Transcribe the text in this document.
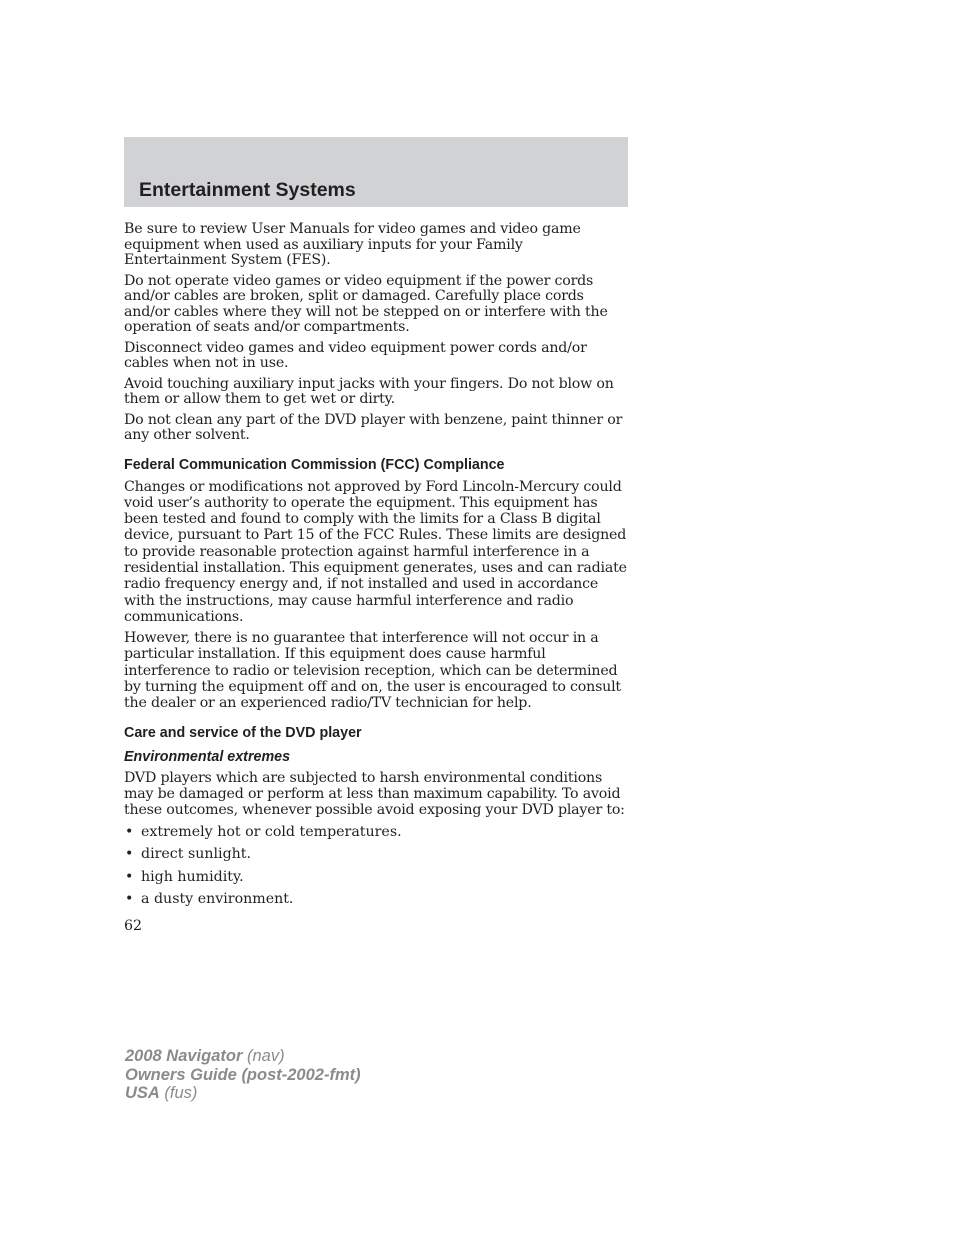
Entertainment Systems

Be sure to review User Manuals for video games and video game equipment when used as auxiliary inputs for your Family Entertainment System (FES).

Do not operate video games or video equipment if the power cords and/or cables are broken, split or damaged. Carefully place cords and/or cables where they will not be stepped on or interfere with the operation of seats and/or compartments.

Disconnect video games and video equipment power cords and/or cables when not in use.

Avoid touching auxiliary input jacks with your fingers. Do not blow on them or allow them to get wet or dirty.

Do not clean any part of the DVD player with benzene, paint thinner or any other solvent.

Federal Communication Commission (FCC) Compliance

Changes or modifications not approved by Ford Lincoln-Mercury could void user’s authority to operate the equipment. This equipment has been tested and found to comply with the limits for a Class B digital device, pursuant to Part 15 of the FCC Rules. These limits are designed to provide reasonable protection against harmful interference in a residential installation. This equipment generates, uses and can radiate radio frequency energy and, if not installed and used in accordance with the instructions, may cause harmful interference and radio communications.

However, there is no guarantee that interference will not occur in a particular installation. If this equipment does cause harmful interference to radio or television reception, which can be determined by turning the equipment off and on, the user is encouraged to consult the dealer or an experienced radio/TV technician for help.

Care and service of the DVD player
Environmental extremes

DVD players which are subjected to harsh environmental conditions may be damaged or perform at less than maximum capability. To avoid these outcomes, whenever possible avoid exposing your DVD player to:

• extremely hot or cold temperatures.
• direct sunlight.
• high humidity.
• a dusty environment.
62
2008 Navigator (nav)
Owners Guide (post-2002-fmt)
USA (fus)
